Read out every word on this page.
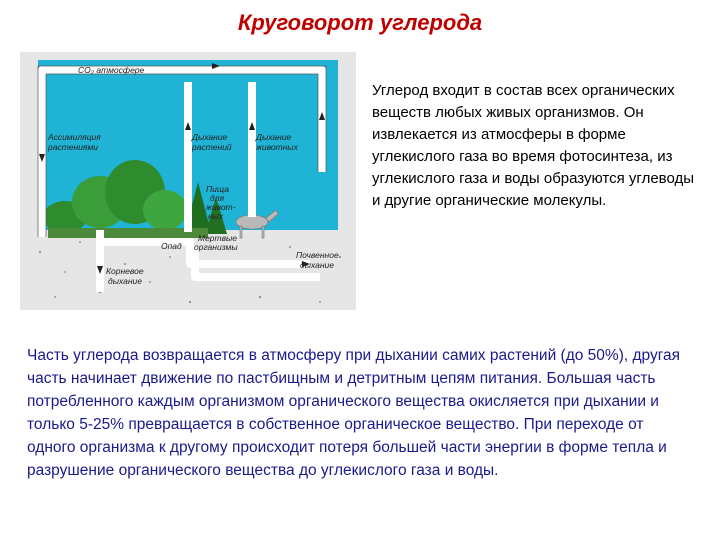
Круговорот углерода
CO₂ атмосфере
Ассимиляция растениями
Дыхание растений
Дыхание животных
Пища для живот- ных
Мертвые организмы
Опад
Корневое дыхание
Почвенное дыхание
Углерод входит в состав всех органических веществ любых живых организмов. Он извлекается из атмосферы в форме углекислого газа во время фотосинтеза, из углекислого газа и воды образуются углеводы и другие органические молекулы.
Часть углерода возвращается в атмосферу при дыхании самих растений (до 50%), другая часть начинает движение по пастбищным и детритным цепям питания. Большая часть потребленного каждым организмом органического вещества окисляется при дыхании и только 5-25% превращается в собственное органическое вещество. При переходе от одного организма к другому происходит потеря большей части энергии в форме тепла и разрушение органического вещества до углекислого газа и воды.
